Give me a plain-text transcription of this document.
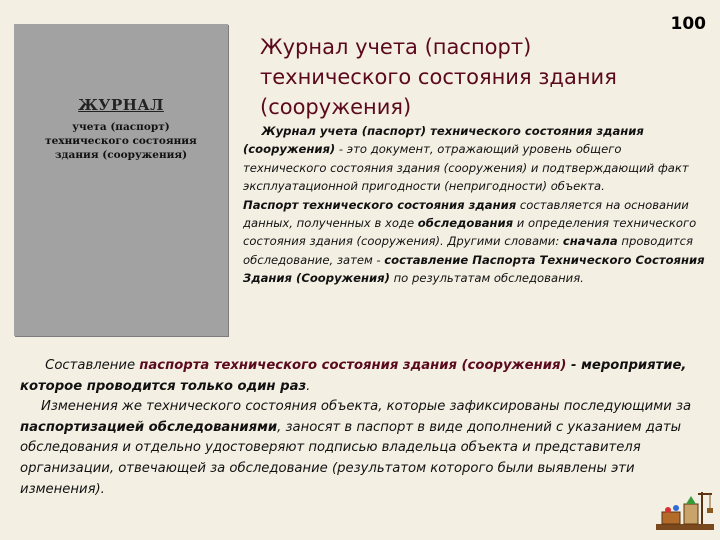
100
ЖУРНАЛ
учета (паспорт)
технического состояния
здания (сооружения)
Журнал учета (паспорт)
технического состояния здания
(сооружения)

Журнал учета (паспорт) технического состояния здания (сооружения) - это документ, отражающий уровень общего технического состояния здания (сооружения) и подтверждающий факт эксплуатационной пригодности (непригодности) объекта.
Паспорт технического состояния здания составляется на основании данных, полученных в ходе обследования и определения технического состояния здания (сооружения). Другими словами: сначала проводится обследование, затем - составление Паспорта Технического Состояния Здания (Сооружения) по результатам обследования.

Составление паспорта технического состояния здания (сооружения) - мероприятие, которое проводится только один раз.
Изменения же технического состояния объекта, которые зафиксированы последующими за паспортизацией обследованиями, заносят в паспорт в виде дополнений с указанием даты обследования и отдельно удостоверяют подписью владельца объекта и представителя организации, отвечающей за обследование (результатом которого были выявлены эти изменения).
